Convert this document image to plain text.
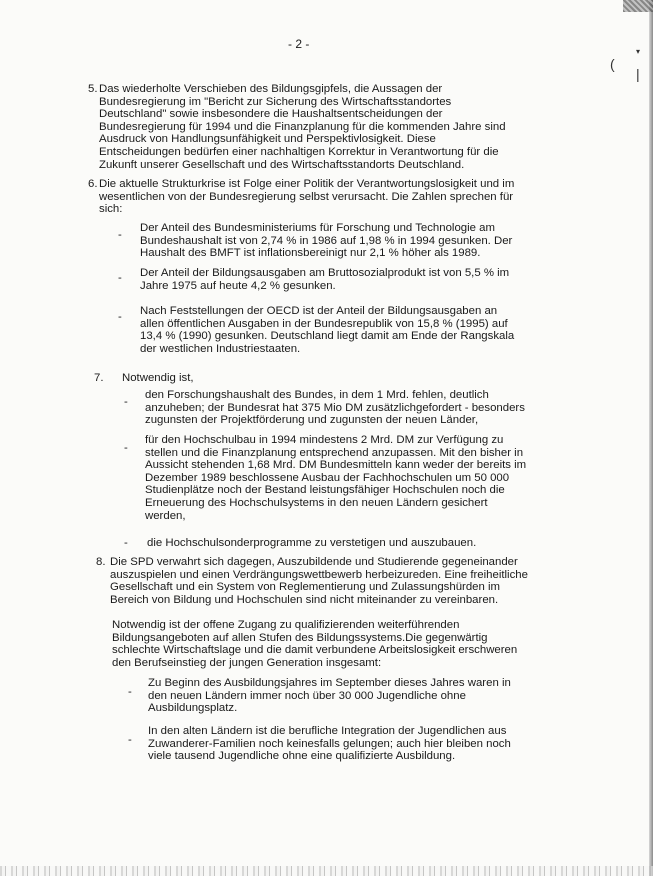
- 2 -
5. Das wiederholte Verschieben des Bildungsgipfels, die Aussagen der
Bundesregierung im "Bericht zur Sicherung des Wirtschaftsstandortes
Deutschland" sowie insbesondere die Haushaltsentscheidungen der
Bundesregierung für 1994 und die Finanzplanung für die kommenden Jahre sind
Ausdruck von Handlungsunfähigkeit und Perspektivlosigkeit. Diese
Entscheidungen bedürfen einer nachhaltigen Korrektur in Verantwortung für die
Zukunft unserer Gesellschaft und des Wirtschaftsstandorts Deutschland.
6. Die aktuelle Strukturkrise ist Folge einer Politik der Verantwortungslosigkeit und im
wesentlichen von der Bundesregierung selbst verursacht. Die Zahlen sprechen für
sich:
-
Der Anteil des Bundesministeriums für Forschung und Technologie am
Bundeshaushalt ist von 2,74 % in 1986 auf 1,98 % in 1994 gesunken. Der
Haushalt des BMFT ist inflationsbereinigt nur 2,1 % höher als 1989.
- Der Anteil der Bildungsausgaben am Bruttosozialprodukt ist von 5,5 % im
Jahre 1975 auf heute 4,2 % gesunken.
- Nach Feststellungen der OECD ist der Anteil der Bildungsausgaben an
allen öffentlichen Ausgaben in der Bundesrepublik von 15,8 % (1995) auf
13,4 % (1990) gesunken. Deutschland liegt damit am Ende der Rangskala
der westlichen Industriestaaten.
7. Notwendig ist,
-
den Forschungshaushalt des Bundes, in dem 1 Mrd. fehlen, deutlich
anzuheben; der Bundesrat hat 375 Mio DM zusätzlichgefordert - besonders
zugunsten der Projektförderung und zugunsten der neuen Länder,
-
für den Hochschulbau in 1994 mindestens 2 Mrd. DM zur Verfügung zu
stellen und die Finanzplanung entsprechend anzupassen. Mit den bisher in
Aussicht stehenden 1,68 Mrd. DM Bundesmitteln kann weder der bereits im
Dezember 1989 beschlossene Ausbau der Fachhochschulen um 50 000
Studienplätze noch der Bestand leistungsfähiger Hochschulen noch die
Erneuerung des Hochschulsystems in den neuen Ländern gesichert
werden,
- die Hochschulsonderprogramme zu verstetigen und auszubauen.
8. Die SPD verwahrt sich dagegen, Auszubildende und Studierende gegeneinander
auszuspielen und einen Verdrängungswettbewerb herbeizureden. Eine freiheitliche
Gesellschaft und ein System von Reglementierung und Zulassungshürden im
Bereich von Bildung und Hochschulen sind nicht miteinander zu vereinbaren.
Notwendig ist der offene Zugang zu qualifizierenden weiterführenden
Bildungsangeboten auf allen Stufen des Bildungssystems.Die gegenwärtig
schlechte Wirtschaftslage und die damit verbundene Arbeitslosigkeit erschweren
den Berufseinstieg der jungen Generation insgesamt:
-
Zu Beginn des Ausbildungsjahres im September dieses Jahres waren in
den neuen Ländern immer noch über 30 000 Jugendliche ohne
Ausbildungsplatz.
-
In den alten Ländern ist die berufliche Integration der Jugendlichen aus
Zuwanderer-Familien noch keinesfalls gelungen; auch hier bleiben noch
viele tausend Jugendliche ohne eine qualifizierte Ausbildung.
▾
(
|
